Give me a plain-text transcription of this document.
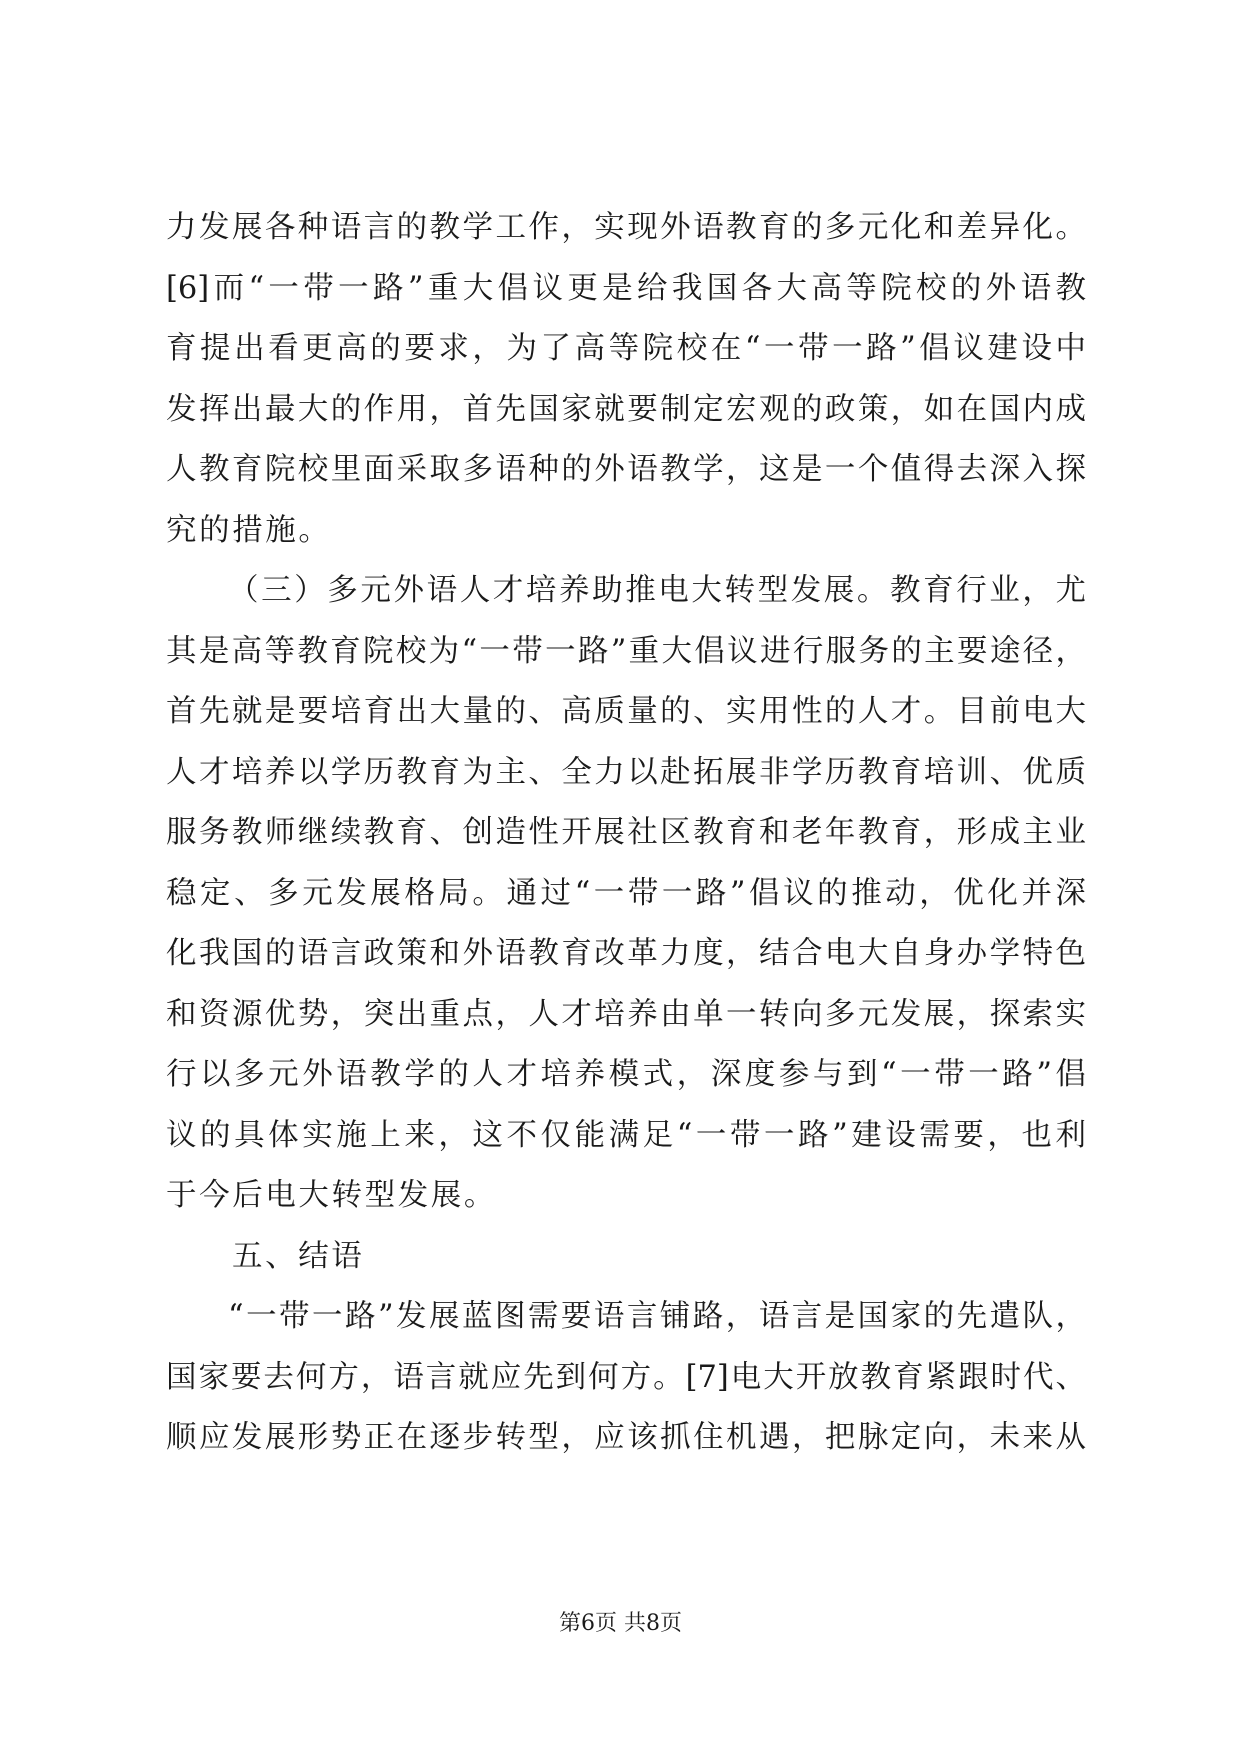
力发展各种语言的教学工作，实现外语教育的多元化和差异化。
[6]而“一带一路”重大倡议更是给我国各大高等院校的外语教
育提出看更高的要求，为了高等院校在“一带一路”倡议建设中
发挥出最大的作用，首先国家就要制定宏观的政策，如在国内成
人教育院校里面采取多语种的外语教学，这是一个值得去深入探
究的措施。
（三）多元外语人才培养助推电大转型发展。教育行业，尤
其是高等教育院校为“一带一路”重大倡议进行服务的主要途径，
首先就是要培育出大量的、高质量的、实用性的人才。目前电大
人才培养以学历教育为主、全力以赴拓展非学历教育培训、优质
服务教师继续教育、创造性开展社区教育和老年教育，形成主业
稳定、多元发展格局。通过“一带一路”倡议的推动，优化并深
化我国的语言政策和外语教育改革力度，结合电大自身办学特色
和资源优势，突出重点，人才培养由单一转向多元发展，探索实
行以多元外语教学的人才培养模式，深度参与到“一带一路”倡
议的具体实施上来，这不仅能满足“一带一路”建设需要，也利
于今后电大转型发展。
五、结语
“一带一路”发展蓝图需要语言铺路，语言是国家的先遣队，
国家要去何方，语言就应先到何方。[7]电大开放教育紧跟时代、
顺应发展形势正在逐步转型，应该抓住机遇，把脉定向，未来从
第6页 共8页
